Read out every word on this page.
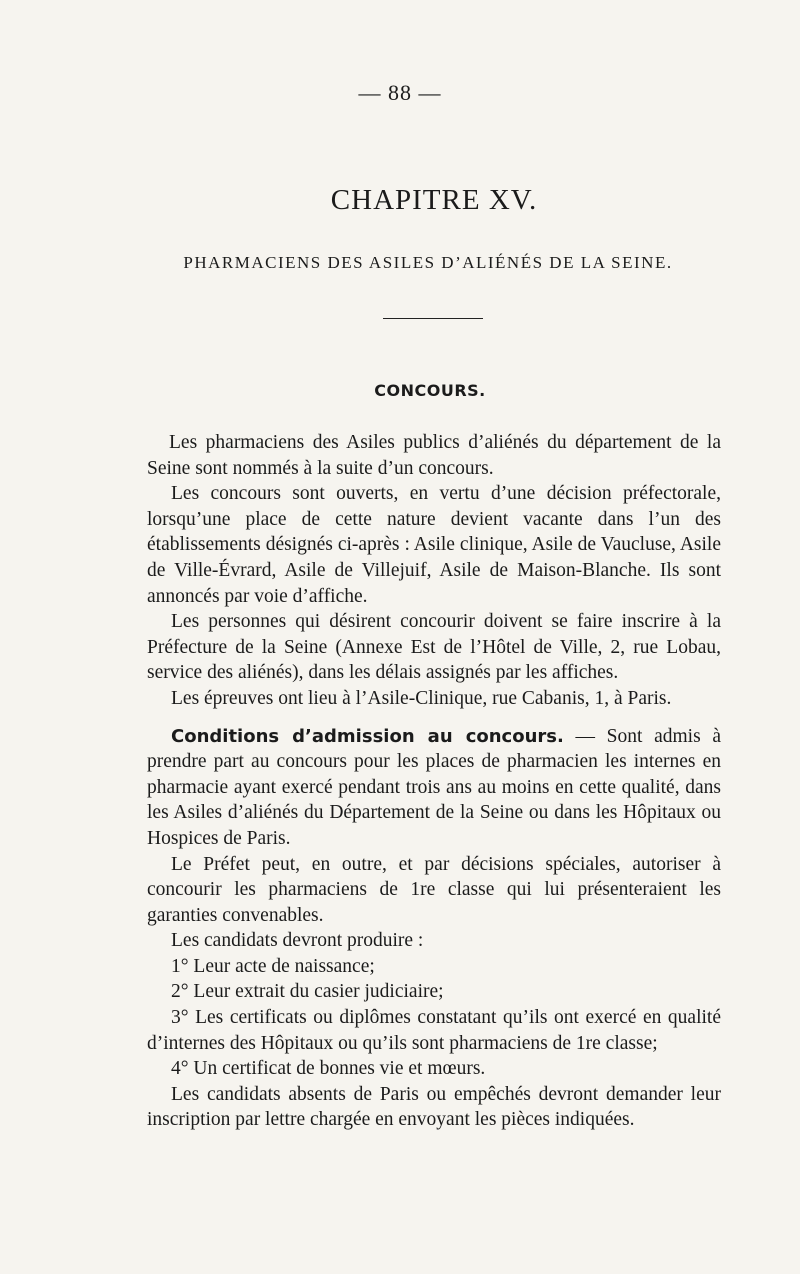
— 88 —
CHAPITRE XV.
PHARMACIENS DES ASILES D’ALIÉNÉS DE LA SEINE.
CONCOURS.

Les pharmaciens des Asiles publics d’aliénés du département de la Seine sont nommés à la suite d’un concours.

Les concours sont ouverts, en vertu d’une décision préfectorale, lorsqu’une place de cette nature devient vacante dans l’un des établissements désignés ci-après : Asile clinique, Asile de Vaucluse, Asile de Ville-Évrard, Asile de Villejuif, Asile de Maison-Blanche. Ils sont annoncés par voie d’affiche.

Les personnes qui désirent concourir doivent se faire inscrire à la Préfecture de la Seine (Annexe Est de l’Hôtel de Ville, 2, rue Lobau, service des aliénés), dans les délais assignés par les affiches.

Les épreuves ont lieu à l’Asile-Clinique, rue Cabanis, 1, à Paris.

Conditions d’admission au concours. — Sont admis à prendre part au concours pour les places de pharmacien les internes en pharmacie ayant exercé pendant trois ans au moins en cette qualité, dans les Asiles d’aliénés du Département de la Seine ou dans les Hôpitaux ou Hospices de Paris.

Le Préfet peut, en outre, et par décisions spéciales, autoriser à concourir les pharmaciens de 1re classe qui lui présenteraient les garanties convenables.

Les candidats devront produire :

1° Leur acte de naissance;

2° Leur extrait du casier judiciaire;

3° Les certificats ou diplômes constatant qu’ils ont exercé en qualité d’internes des Hôpitaux ou qu’ils sont pharmaciens de 1re classe;

4° Un certificat de bonnes vie et mœurs.

Les candidats absents de Paris ou empêchés devront demander leur inscription par lettre chargée en envoyant les pièces indiquées.
